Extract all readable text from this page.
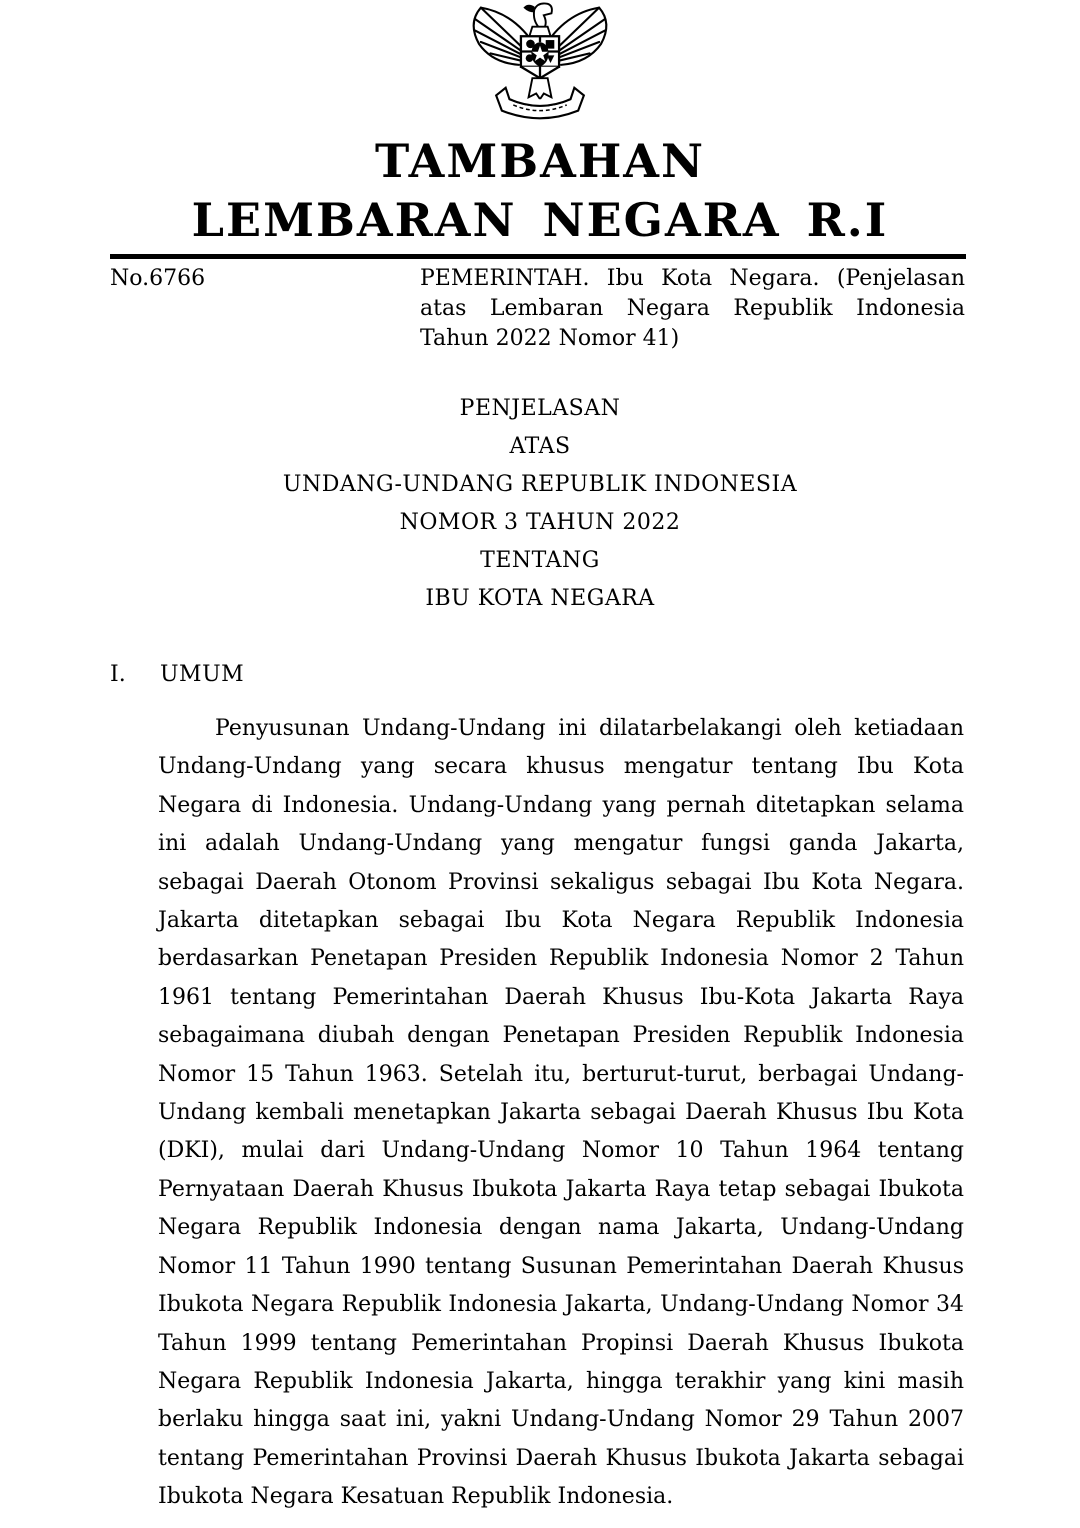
TAMBAHAN
LEMBARAN NEGARA R.I
No.6766	PEMERINTAH. Ibu Kota Negara. (Penjelasan atas Lembaran Negara Republik Indonesia Tahun 2022 Nomor 41)
PENJELASAN
ATAS
UNDANG-UNDANG REPUBLIK INDONESIA
NOMOR 3 TAHUN 2022
TENTANG
IBU KOTA NEGARA
I.	UMUM
Penyusunan Undang-Undang ini dilatarbelakangi oleh ketiadaan Undang-Undang yang secara khusus mengatur tentang Ibu Kota Negara di Indonesia. Undang-Undang yang pernah ditetapkan selama ini adalah Undang-Undang yang mengatur fungsi ganda Jakarta, sebagai Daerah Otonom Provinsi sekaligus sebagai Ibu Kota Negara. Jakarta ditetapkan sebagai Ibu Kota Negara Republik Indonesia berdasarkan Penetapan Presiden Republik Indonesia Nomor 2 Tahun 1961 tentang Pemerintahan Daerah Khusus Ibu-Kota Jakarta Raya sebagaimana diubah dengan Penetapan Presiden Republik Indonesia Nomor 15 Tahun 1963. Setelah itu, berturut-turut, berbagai Undang-Undang kembali menetapkan Jakarta sebagai Daerah Khusus Ibu Kota (DKI), mulai dari Undang-Undang Nomor 10 Tahun 1964 tentang Pernyataan Daerah Khusus Ibukota Jakarta Raya tetap sebagai Ibukota Negara Republik Indonesia dengan nama Jakarta, Undang-Undang Nomor 11 Tahun 1990 tentang Susunan Pemerintahan Daerah Khusus Ibukota Negara Republik Indonesia Jakarta, Undang-Undang Nomor 34 Tahun 1999 tentang Pemerintahan Propinsi Daerah Khusus Ibukota Negara Republik Indonesia Jakarta, hingga terakhir yang kini masih berlaku hingga saat ini, yakni Undang-Undang Nomor 29 Tahun 2007 tentang Pemerintahan Provinsi Daerah Khusus Ibukota Jakarta sebagai Ibukota Negara Kesatuan Republik Indonesia.
